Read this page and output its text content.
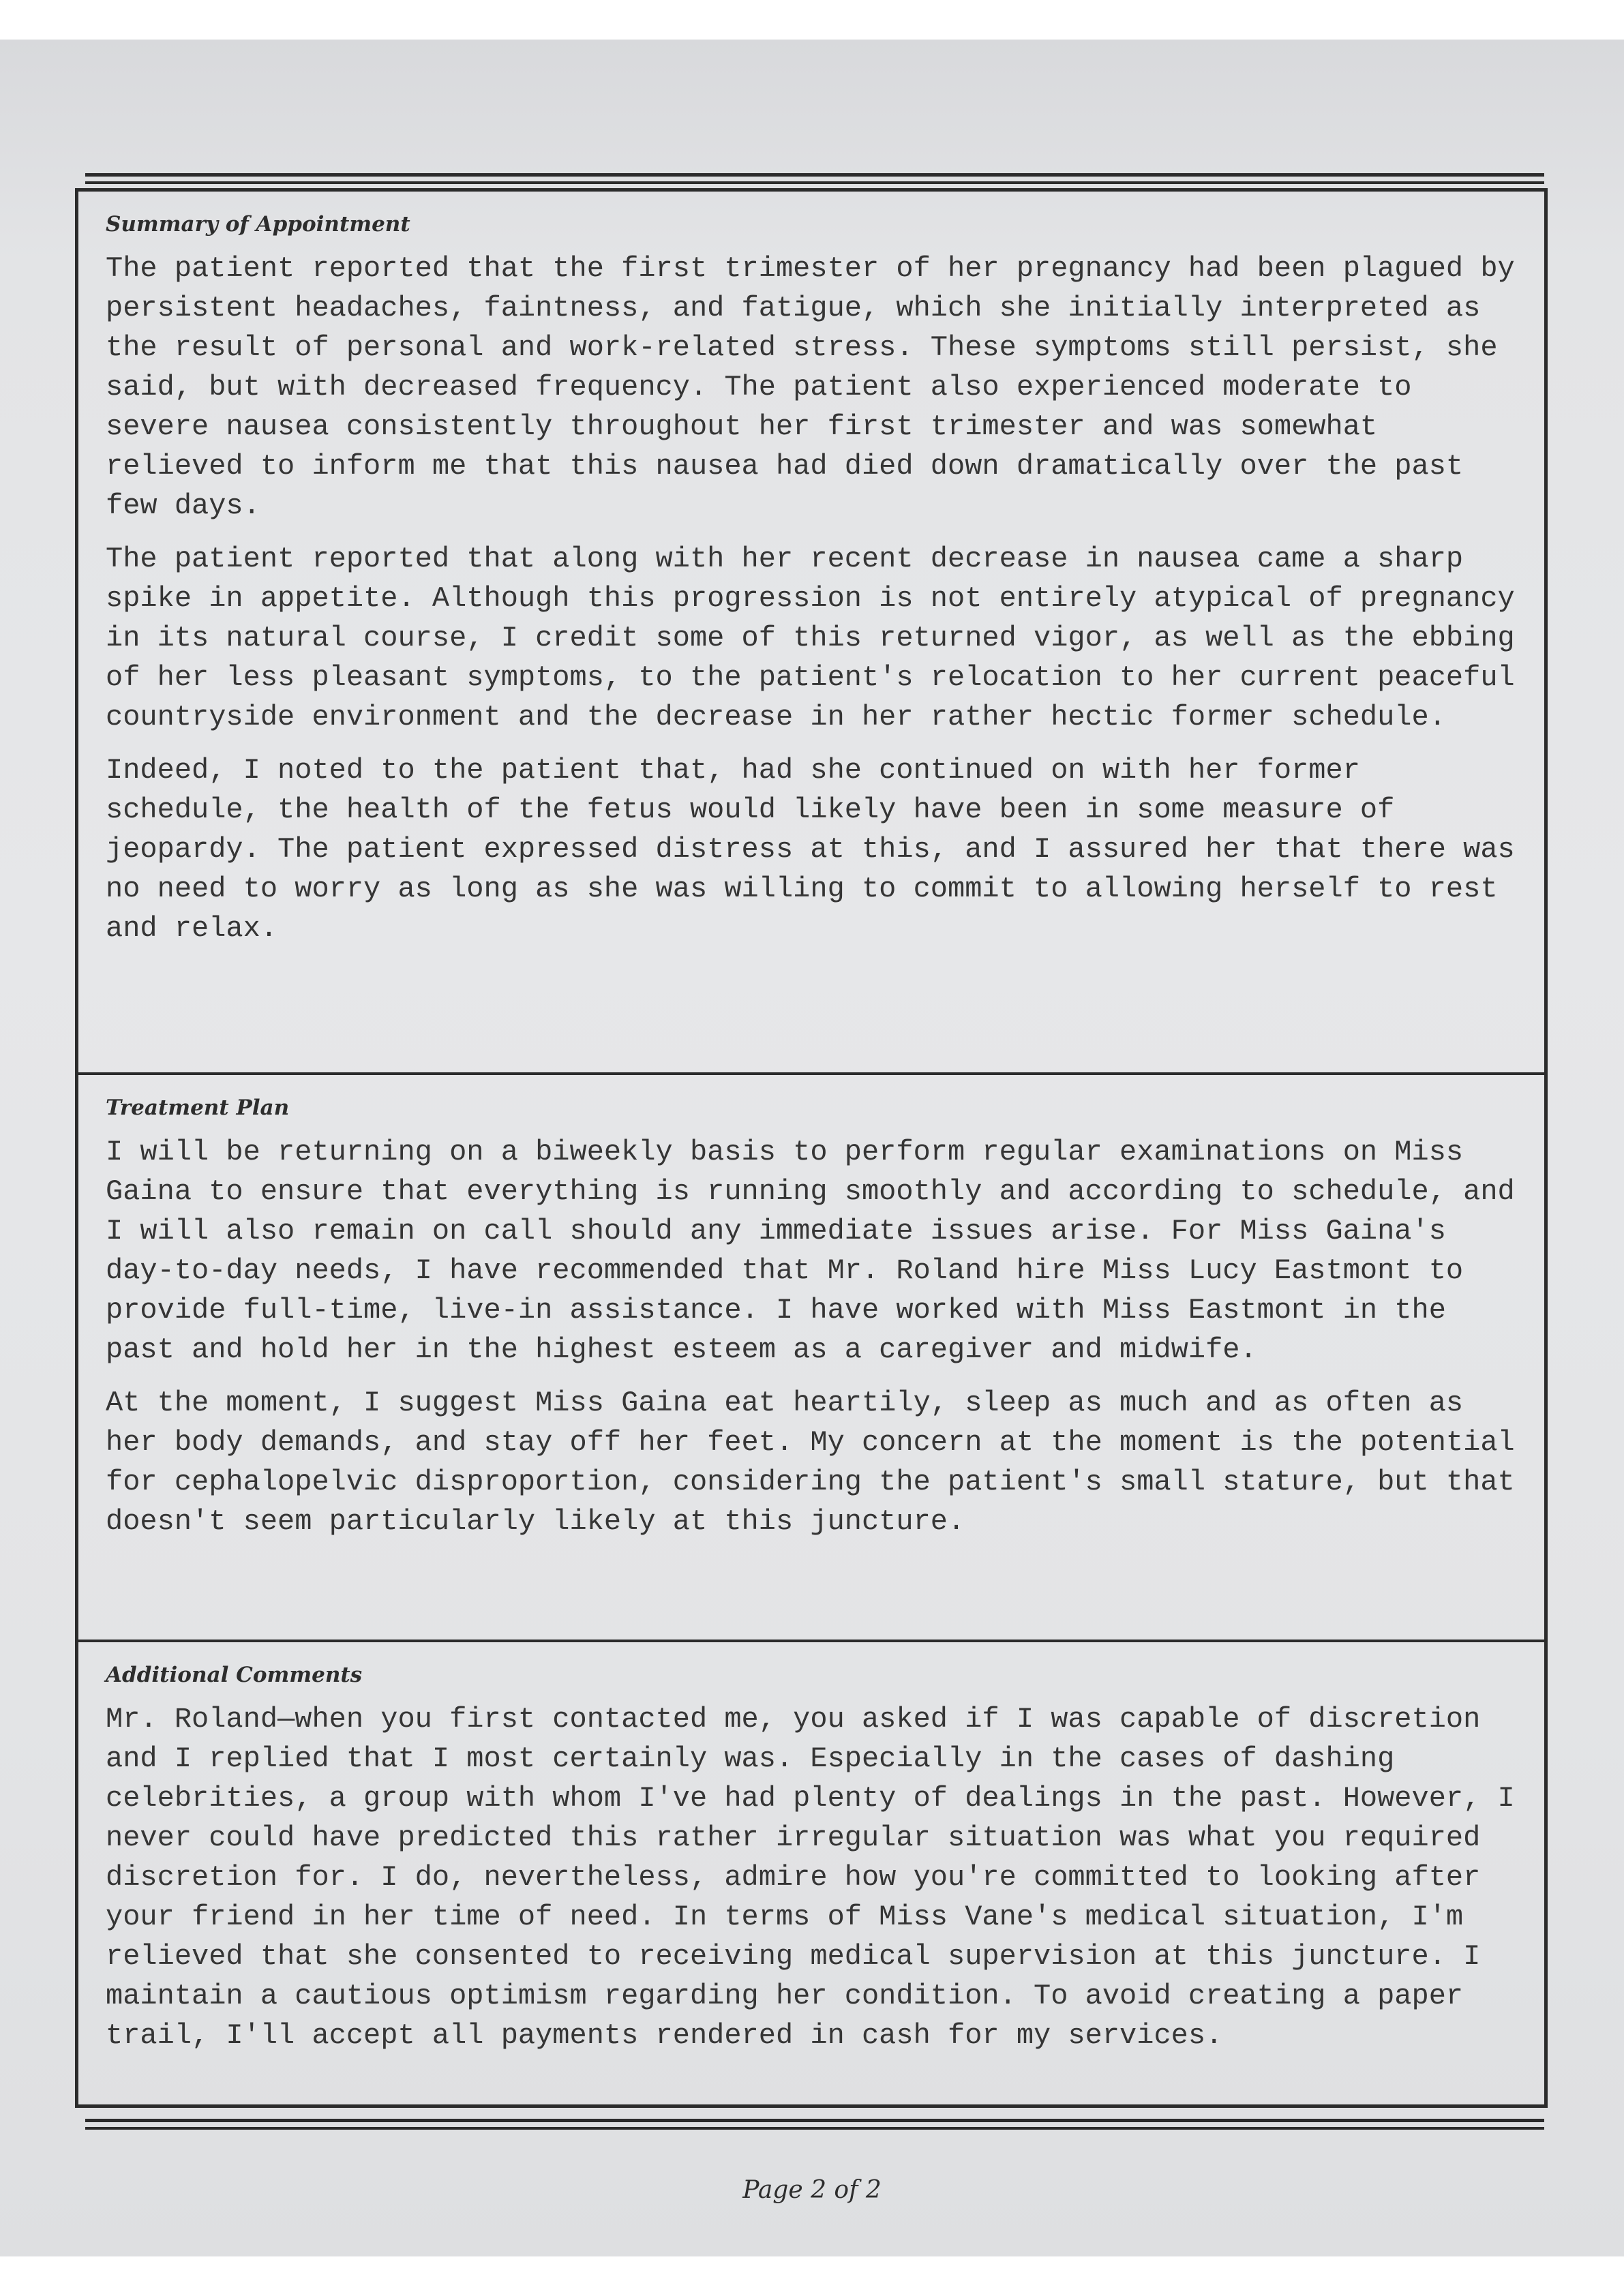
Summary of Appointment

The patient reported that the first trimester of her pregnancy had been plagued by persistent headaches, faintness, and fatigue, which she initially interpreted as the result of personal and work-related stress. These symptoms still persist, she said, but with decreased frequency. The patient also experienced moderate to severe nausea consistently throughout her first trimester and was somewhat relieved to inform me that this nausea had died down dramatically over the past few days.

The patient reported that along with her recent decrease in nausea came a sharp spike in appetite. Although this progression is not entirely atypical of pregnancy in its natural course, I credit some of this returned vigor, as well as the ebbing of her less pleasant symptoms, to the patient's relocation to her current peaceful countryside environment and the decrease in her rather hectic former schedule.

Indeed, I noted to the patient that, had she continued on with her former schedule, the health of the fetus would likely have been in some measure of jeopardy. The patient expressed distress at this, and I assured her that there was no need to worry as long as she was willing to commit to allowing herself to rest and relax.

Treatment Plan

I will be returning on a biweekly basis to perform regular examinations on Miss Gaina to ensure that everything is running smoothly and according to schedule, and I will also remain on call should any immediate issues arise. For Miss Gaina's day-to-day needs, I have recommended that Mr. Roland hire Miss Lucy Eastmont to provide full-time, live-in assistance. I have worked with Miss Eastmont in the past and hold her in the highest esteem as a caregiver and midwife.

At the moment, I suggest Miss Gaina eat heartily, sleep as much and as often as her body demands, and stay off her feet. My concern at the moment is the potential for cephalopelvic disproportion, considering the patient's small stature, but that doesn't seem particularly likely at this juncture.

Additional Comments

Mr. Roland—when you first contacted me, you asked if I was capable of discretion and I replied that I most certainly was. Especially in the cases of dashing celebrities, a group with whom I've had plenty of dealings in the past. However, I never could have predicted this rather irregular situation was what you required discretion for. I do, nevertheless, admire how you're committed to looking after your friend in her time of need. In terms of Miss Vane's medical situation, I'm relieved that she consented to receiving medical supervision at this juncture. I maintain a cautious optimism regarding her condition. To avoid creating a paper trail, I'll accept all payments rendered in cash for my services.

Page 2 of 2
